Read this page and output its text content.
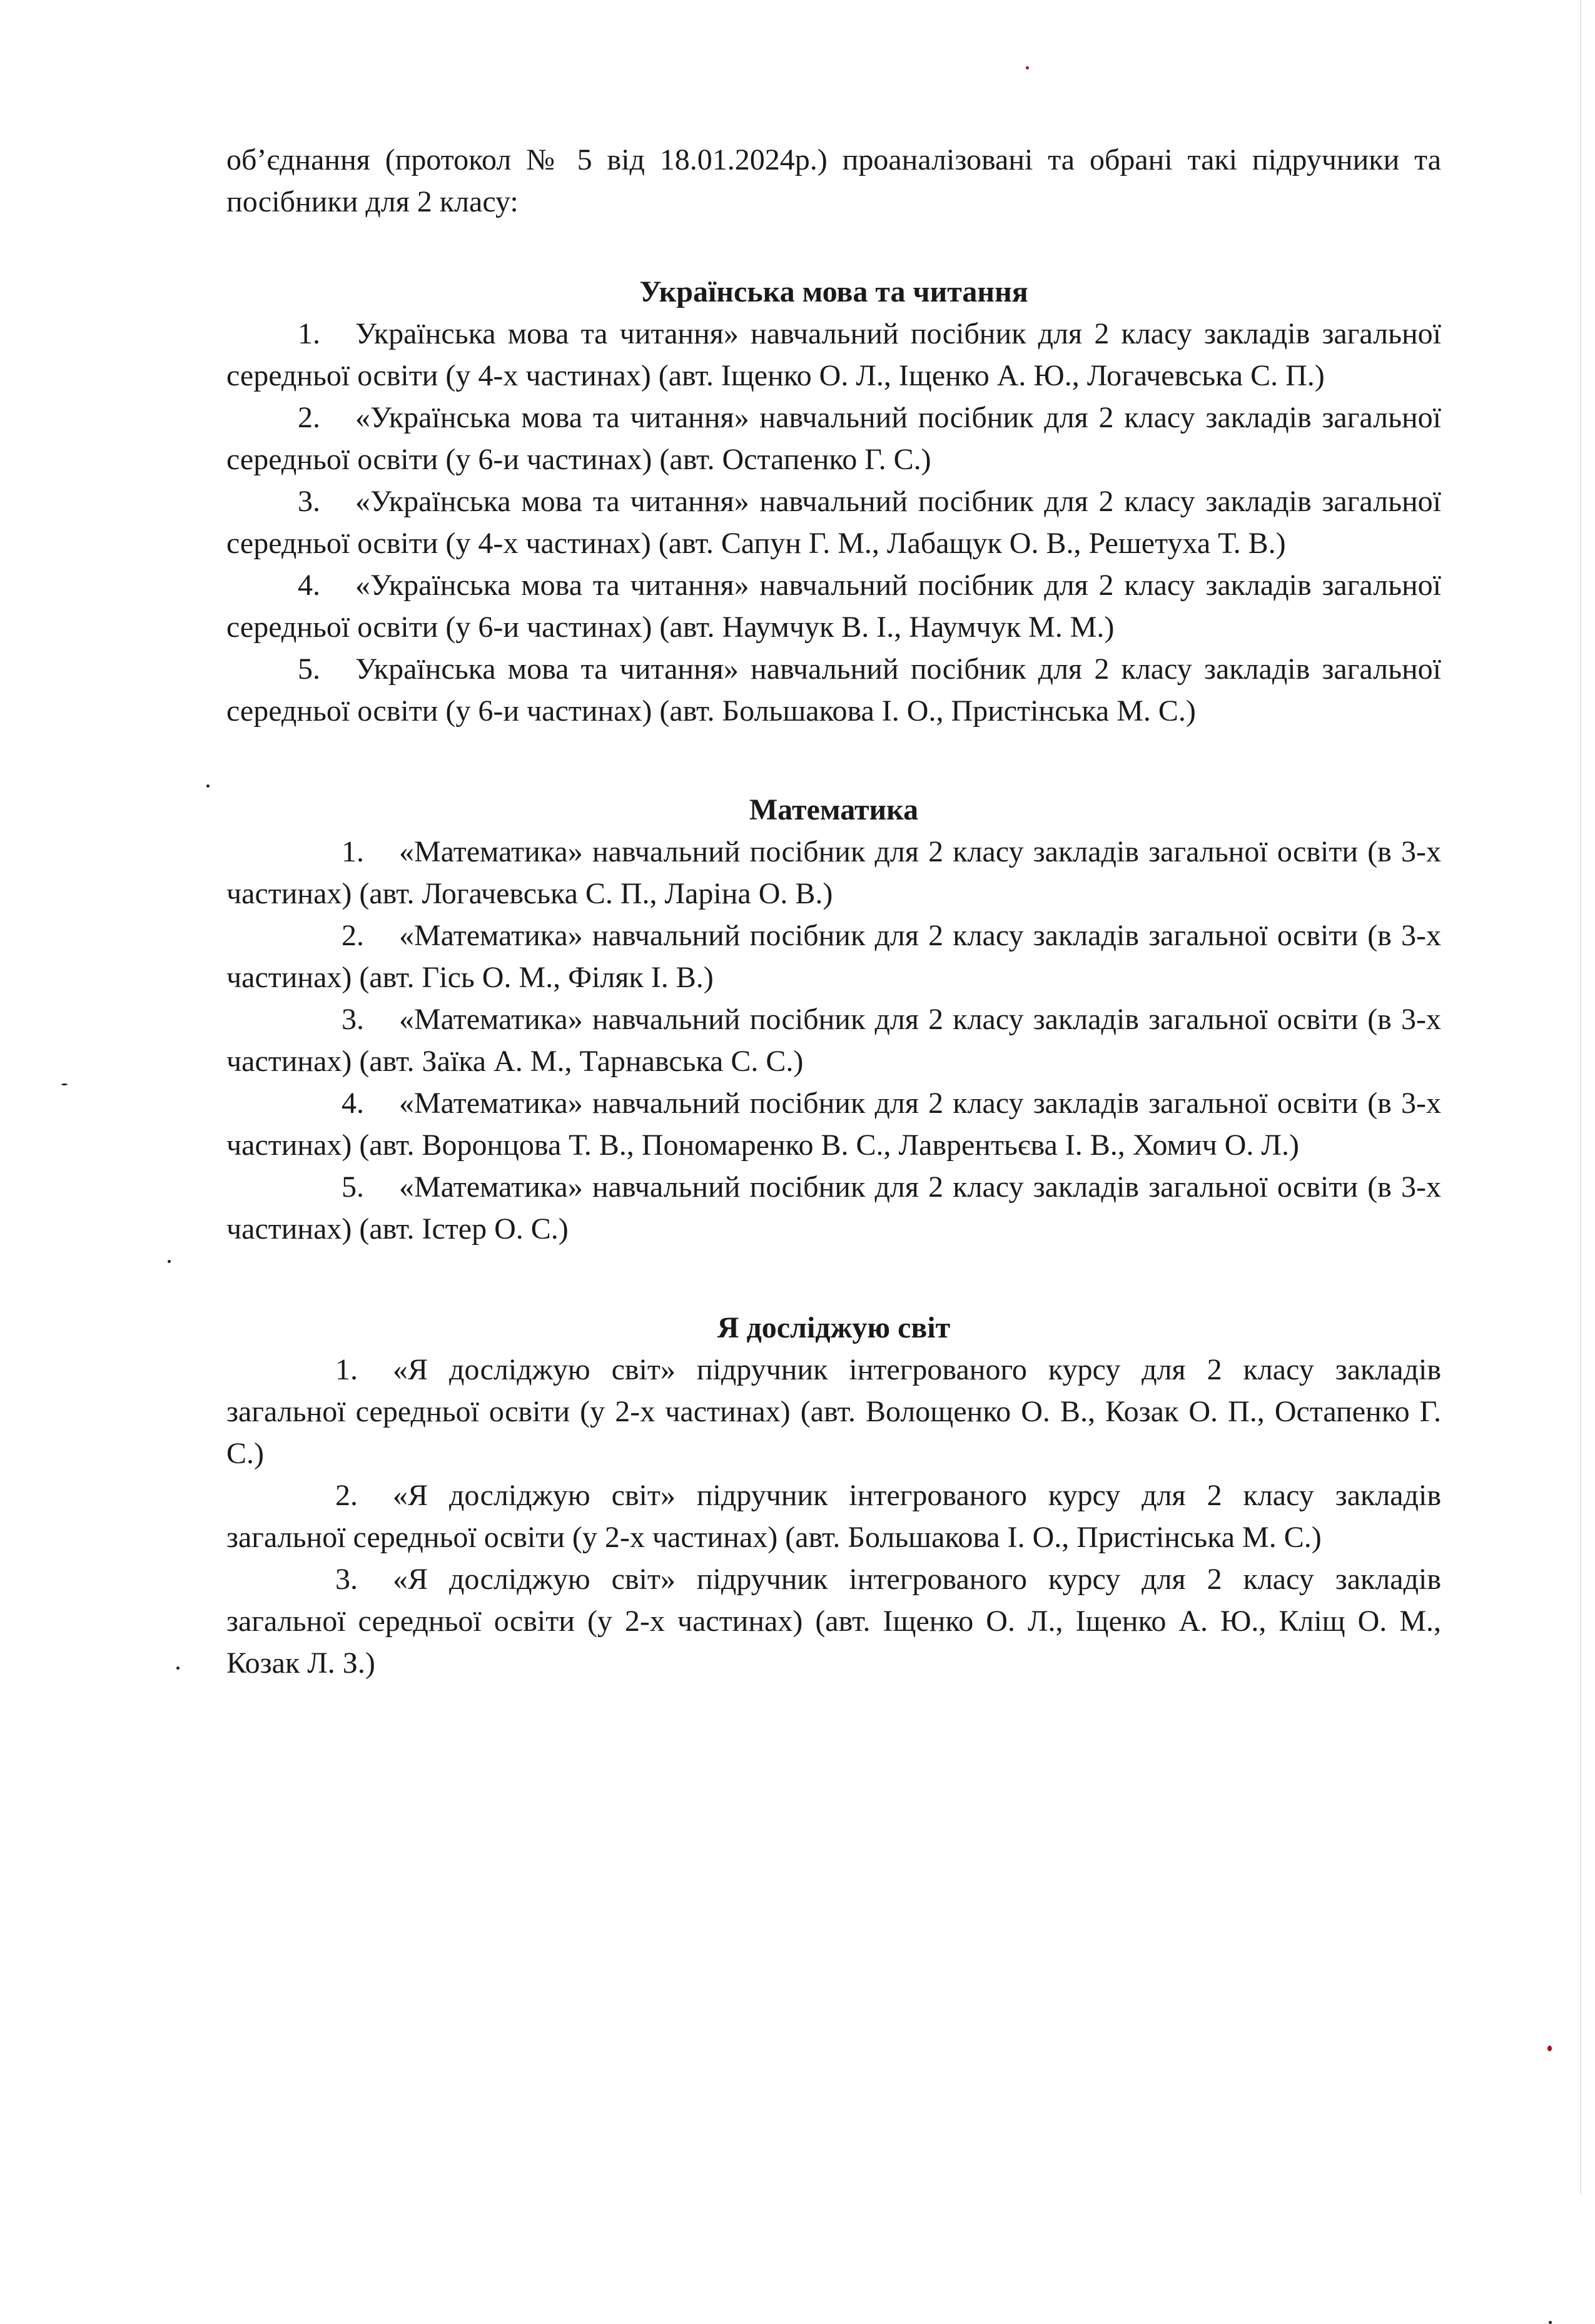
об’єднання (протокол № 5 від 18.01.2024р.) проаналізовані та обрані такі підручники та посібники для 2 класу:

Українська мова та читання

1. Українська мова та читання» навчальний посібник для 2 класу закладів загальної середньої освіти (у 4-х частинах) (авт. Іщенко О. Л., Іщенко А. Ю., Логачевська С. П.)

2. «Українська мова та читання» навчальний посібник для 2 класу закладів загальної середньої освіти (у 6-и частинах) (авт. Остапенко Г. С.)

3. «Українська мова та читання» навчальний посібник для 2 класу закладів загальної середньої освіти (у 4-х частинах) (авт. Сапун Г. М., Лабащук О. В., Решетуха Т. В.)

4. «Українська мова та читання» навчальний посібник для 2 класу закладів загальної середньої освіти (у 6-и частинах) (авт. Наумчук В. І., Наумчук М. М.)

5. Українська мова та читання» навчальний посібник для 2 класу закладів загальної середньої освіти (у 6-и частинах) (авт. Большакова І. О., Пристінська М. С.)

Математика

1. «Математика» навчальний посібник для 2 класу закладів загальної освіти (в 3-х частинах) (авт. Логачевська С. П., Ларіна О. В.)

2. «Математика» навчальний посібник для 2 класу закладів загальної освіти (в 3-х частинах) (авт. Гісь О. М., Філяк І. В.)

3. «Математика» навчальний посібник для 2 класу закладів загальної освіти (в 3-х частинах) (авт. Заїка А. М., Тарнавська С. С.)

4. «Математика» навчальний посібник для 2 класу закладів загальної освіти (в 3-х частинах) (авт. Воронцова Т. В., Пономаренко В. С., Лаврентьєва І. В., Хомич О. Л.)

5. «Математика» навчальний посібник для 2 класу закладів загальної освіти (в 3-х частинах) (авт. Істер О. С.)

Я досліджую світ

1. «Я досліджую світ» підручник інтегрованого курсу для 2 класу закладів загальної середньої освіти (у 2-х частинах) (авт. Волощенко О. В., Козак О. П., Остапенко Г. С.)

2. «Я досліджую світ» підручник інтегрованого курсу для 2 класу закладів загальної середньої освіти (у 2-х частинах) (авт. Большакова І. О., Пристінська М. С.)

3. «Я досліджую світ» підручник інтегрованого курсу для 2 класу закладів загальної середньої освіти (у 2-х частинах) (авт. Іщенко О. Л., Іщенко А. Ю., Кліщ О. М., Козак Л. З.)
